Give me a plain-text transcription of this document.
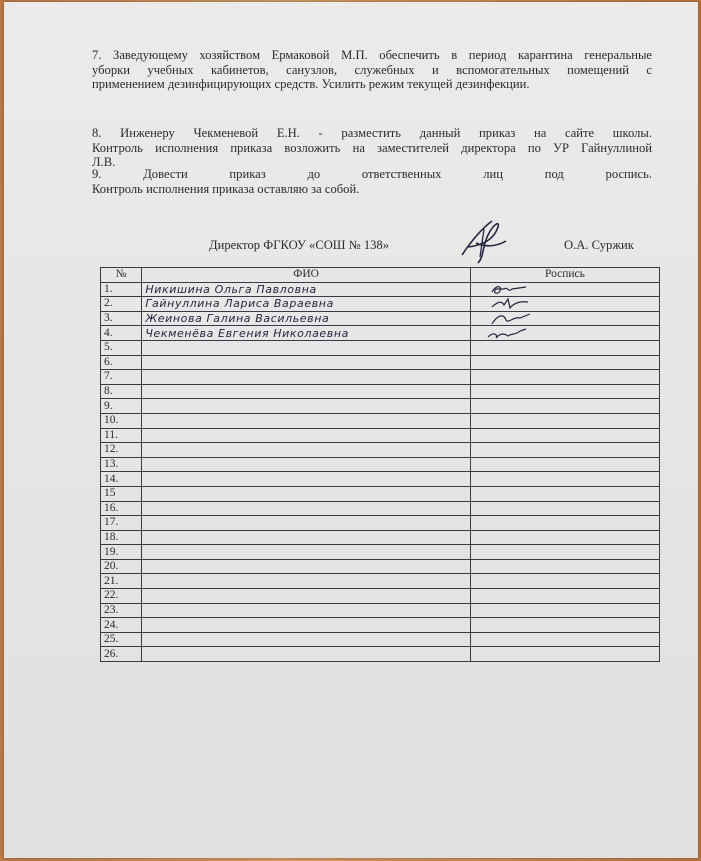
7. Заведующему хозяйством Ермаковой М.П. обеспечить в период карантина генеральные
уборки учебных кабинетов, санузлов, служебных и вспомогательных помещений с
применением дезинфицирующих средств. Усилить режим текущей дезинфекции.
8. Инженеру Чекменевой Е.Н. - разместить данный приказ на сайте школы.
Контроль исполнения приказа возложить на заместителей директора по УР Гайнуллиной
Л.В.
9. Довести приказ до ответственных лиц под роспись.
Контроль исполнения приказа оставляю за собой.
Директор ФГКОУ «СОШ № 138»	О.А. Суржик
№	ФИО	Роспись
1.	Никишина Ольга Павловна	

2.	Гайнуллина Лариса Вараевна	

3.	Жеинова Галина Васильевна	

4.	Чекменёва Евгения Николаевна	

5.		
6.		
7.		
8.		
9.		
10.		
11.		
12.		
13.		
14.		
15		
16.		
17.		
18.		
19.		
20.		
21.		
22.		
23.		
24.		
25.		
26.		
